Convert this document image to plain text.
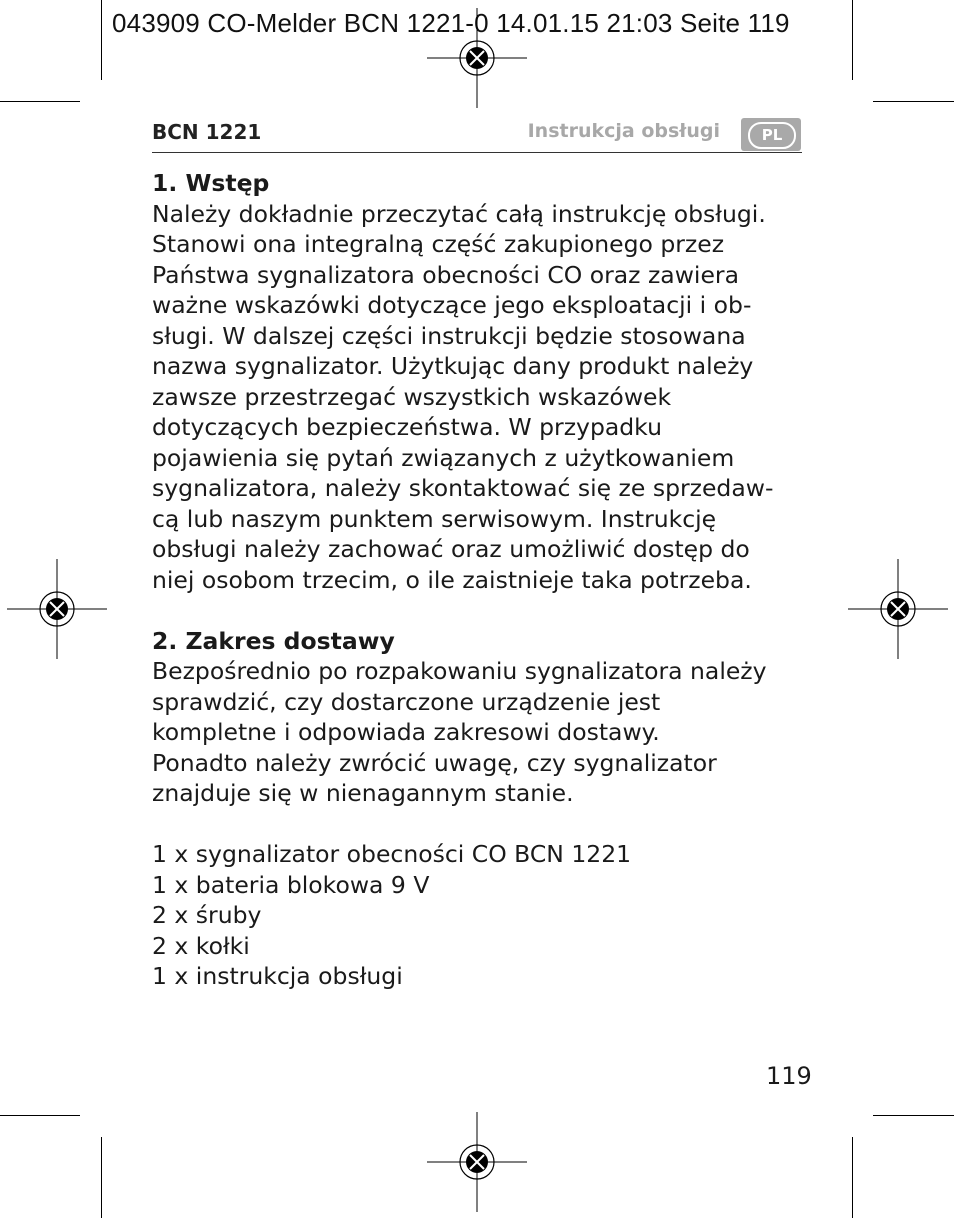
043909 CO-Melder BCN 1221-0 14.01.15 21:03 Seite 119
BCN 1221	Instrukcja obsługi	PL
1. Wstęp
Należy dokładnie przeczytać całą instrukcję obsługi.
Stanowi ona integralną część zakupionego przez
Państwa sygnalizatora obecności CO oraz zawiera
ważne wskazówki dotyczące jego eksploatacji i ob-
sługi. W dalszej części instrukcji będzie stosowana
nazwa sygnalizator. Użytkując dany produkt należy
zawsze przestrzegać wszystkich wskazówek
dotyczących bezpieczeństwa. W przypadku
pojawienia się pytań związanych z użytkowaniem
sygnalizatora, należy skontaktować się ze sprzedaw-
cą lub naszym punktem serwisowym. Instrukcję
obsługi należy zachować oraz umożliwić dostęp do
niej osobom trzecim, o ile zaistnieje taka potrzeba.
2. Zakres dostawy
Bezpośrednio po rozpakowaniu sygnalizatora należy
sprawdzić, czy dostarczone urządzenie jest
kompletne i odpowiada zakresowi dostawy.
Ponadto należy zwrócić uwagę, czy sygnalizator
znajduje się w nienagannym stanie.
1 x sygnalizator obecności CO BCN 1221
1 x bateria blokowa 9 V
2 x śruby
2 x kołki
1 x instrukcja obsługi
119
